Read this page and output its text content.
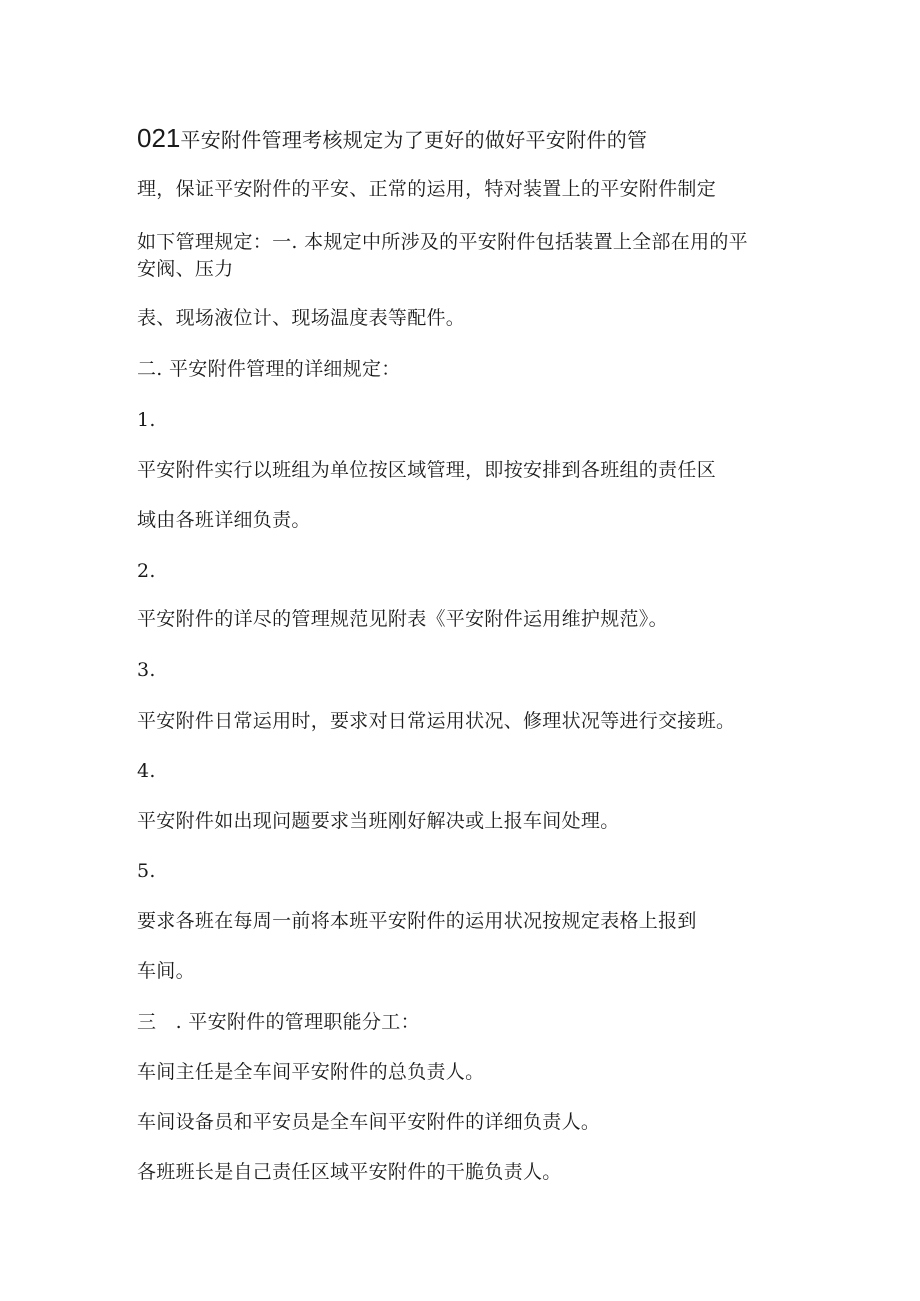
021平安附件管理考核规定为了更好的做好平安附件的管

理，保证平安附件的平安、正常的运用，特对装置上的平安附件制定

如下管理规定：一. 本规定中所涉及的平安附件包括装置上全部在用的平

安阀、压力

表、现场液位计、现场温度表等配件。

二. 平安附件管理的详细规定：

1.

平安附件实行以班组为单位按区域管理，即按安排到各班组的责任区

域由各班详细负责。

2.

平安附件的详尽的管理规范见附表《平安附件运用维护规范》。

3.

平安附件日常运用时，要求对日常运用状况、修理状况等进行交接班。

4.

平安附件如出现问题要求当班刚好解决或上报车间处理。

5.

要求各班在每周一前将本班平安附件的运用状况按规定表格上报到

车间。

三　. 平安附件的管理职能分工：

车间主任是全车间平安附件的总负责人。

车间设备员和平安员是全车间平安附件的详细负责人。

各班班长是自己责任区域平安附件的干脆负责人。
